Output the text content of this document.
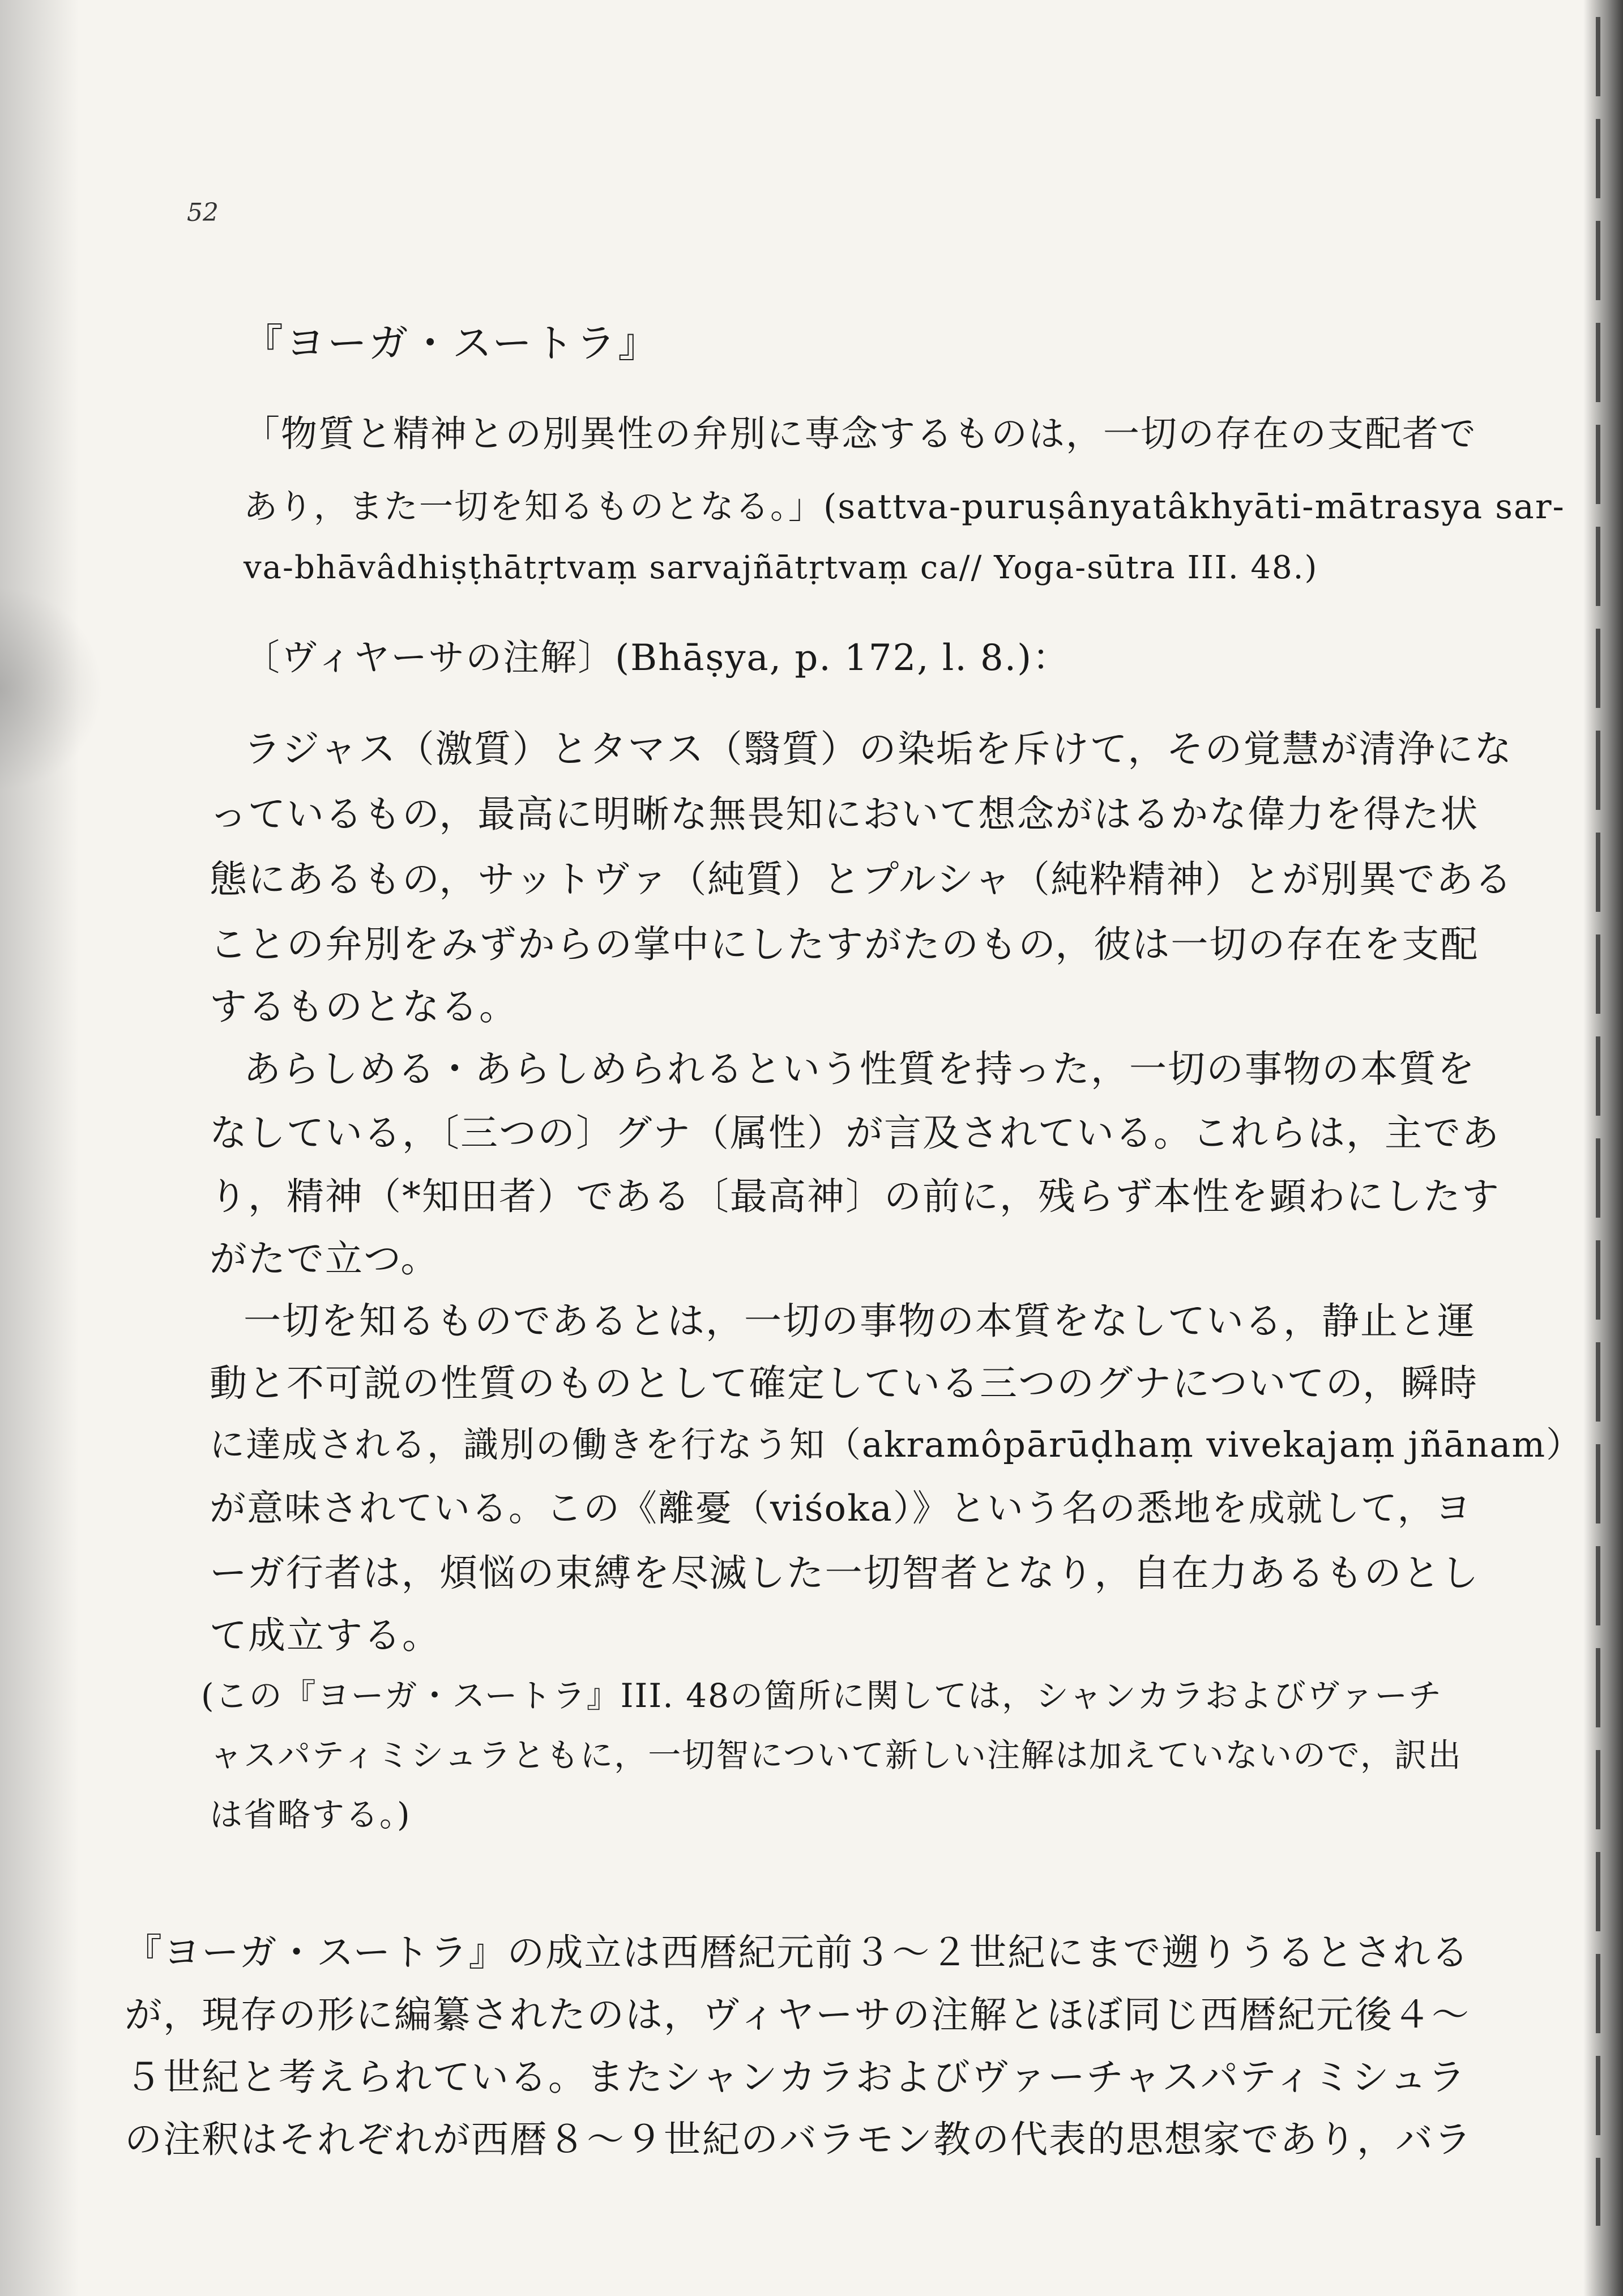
52
『ヨーガ・スートラ』
「物質と精神との別異性の弁別に専念するものは，一切の存在の支配者で
あり，また一切を知るものとなる。」(sattva-puruṣânyatâkhyāti-mātrasya sar-
va-bhāvâdhiṣṭhātṛtvaṃ sarvajñātṛtvaṃ ca// Yoga-sūtra III. 48.)
〔ヴィヤーサの注解〕(Bhāṣya, p. 172, l. 8.)：
ラジャス（激質）とタマス（翳質）の染垢を斥けて，その覚慧が清浄にな
っているもの，最高に明晰な無畏知において想念がはるかな偉力を得た状
態にあるもの，サットヴァ（純質）とプルシャ（純粋精神）とが別異である
ことの弁別をみずからの掌中にしたすがたのもの，彼は一切の存在を支配
するものとなる。
あらしめる・あらしめられるという性質を持った，一切の事物の本質を
なしている，〔三つの〕グナ（属性）が言及されている。これらは，主であ
り，精神（*知田者）である〔最高神〕の前に，残らず本性を顕わにしたす
がたで立つ。
一切を知るものであるとは，一切の事物の本質をなしている，静止と運
動と不可説の性質のものとして確定している三つのグナについての，瞬時
に達成される，識別の働きを行なう知（akramôpārūḍhaṃ vivekajaṃ jñānam）
が意味されている。この《離憂（viśoka）》という名の悉地を成就して，ヨ
ーガ行者は，煩悩の束縛を尽滅した一切智者となり，自在力あるものとし
て成立する。
(この『ヨーガ・スートラ』III. 48の箇所に関しては，シャンカラおよびヴァーチ
ャスパティミシュラともに，一切智について新しい注解は加えていないので，訳出
は省略する。)
『ヨーガ・スートラ』の成立は西暦紀元前３～２世紀にまで遡りうるとされる
が，現存の形に編纂されたのは，ヴィヤーサの注解とほぼ同じ西暦紀元後４～
５世紀と考えられている。またシャンカラおよびヴァーチャスパティミシュラ
の注釈はそれぞれが西暦８～９世紀のバラモン教の代表的思想家であり，バラ
